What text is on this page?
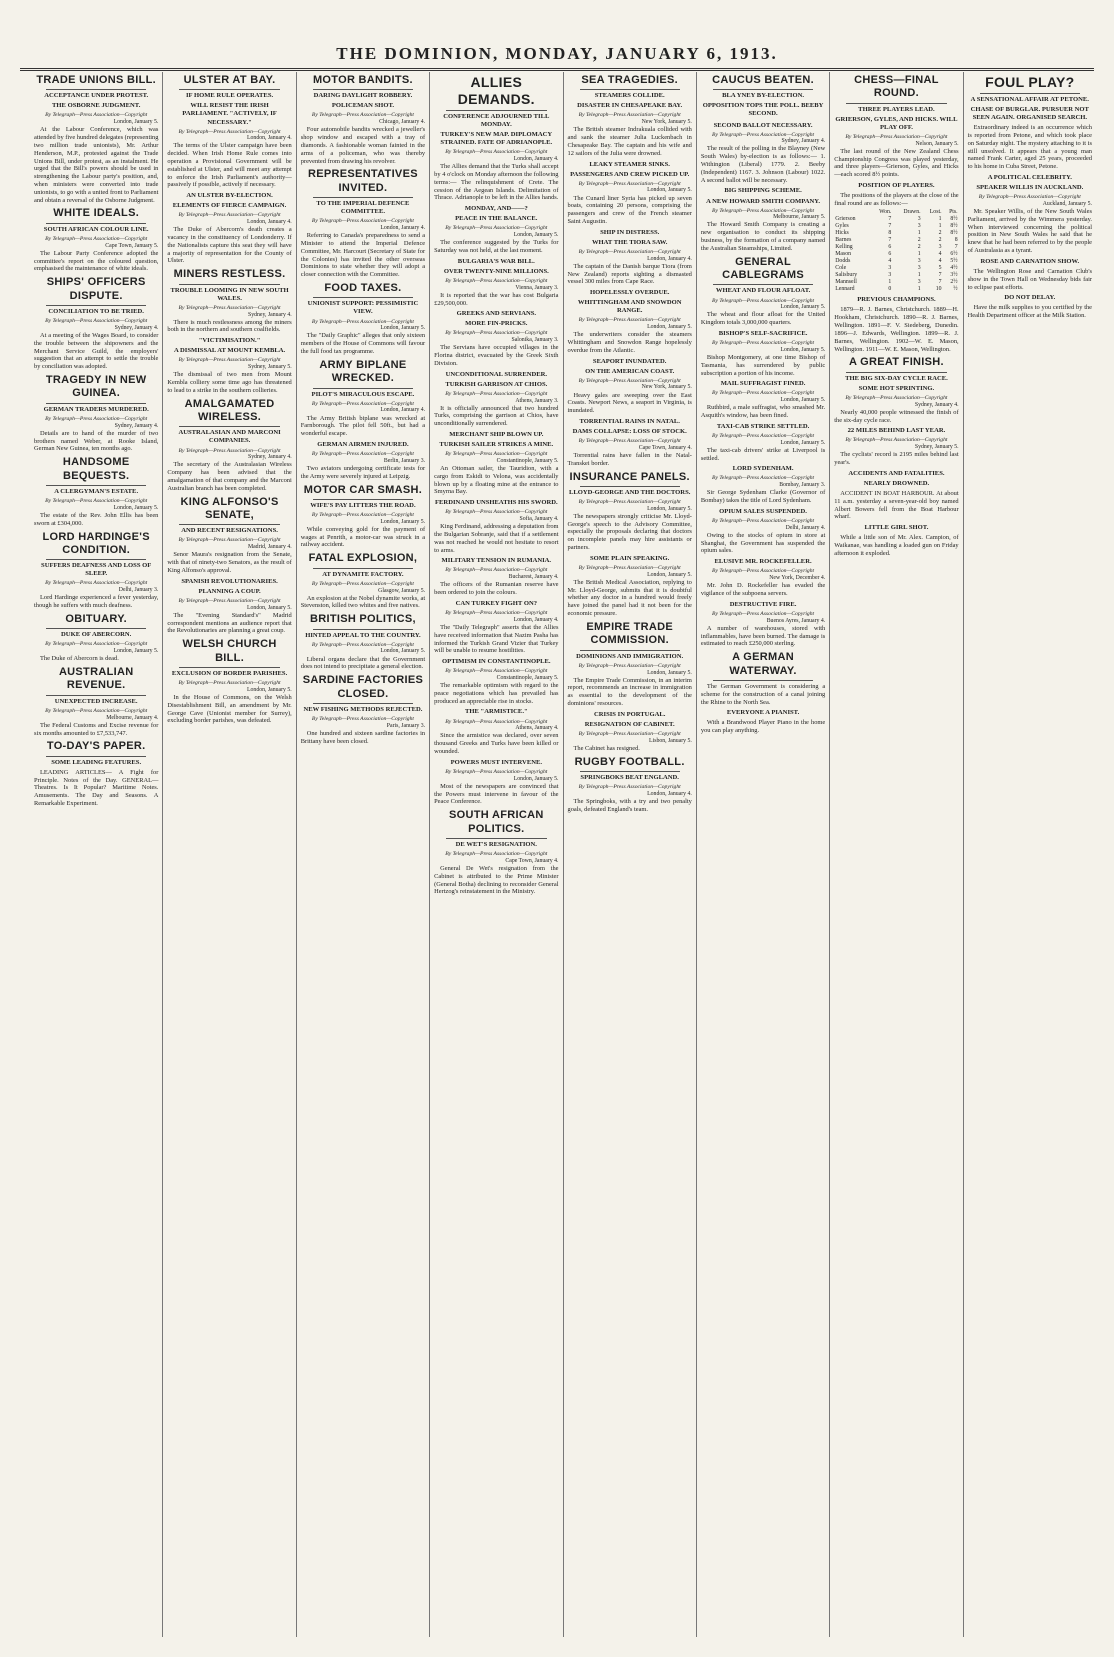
THE DOMINION, MONDAY, JANUARY 6, 1913.
TRADE UNIONS BILL.
ACCEPTANCE UNDER PROTEST.
THE OSBORNE JUDGMENT.
By Telegraph—Press Association—Copyright
London, January 5.
At the Labour Conference, which was attended by five hundred delegates (representing two million trade unionists), Mr. Arthur Henderson, M.P., protested against the Trade Unions Bill, under protest, as an instalment. He urged that the Bill's powers should be used in strengthening the Labour party's position, and, when ministers were converted into trade unionists, to go with a united front to Parliament and obtain a reversal of the Osborne Judgment.
WHITE IDEALS.
SOUTH AFRICAN COLOUR LINE.
By Telegraph—Press Association—Copyright
Cape Town, January 5.
The Labour Party Conference adopted the committee's report on the coloured question, emphasised the maintenance of white ideals.
SHIPS' OFFICERS DISPUTE.
CONCILIATION TO BE TRIED.
By Telegraph—Press Association—Copyright
Sydney, January 4.
At a meeting of the Wages Board, to consider the trouble between the shipowners and the Merchant Service Guild, the employers' suggestion that an attempt to settle the trouble by conciliation was adopted.
TRAGEDY IN NEW GUINEA.
GERMAN TRADERS MURDERED.
By Telegraph—Press Association—Copyright
Sydney, January 4.
Details are to hand of the murder of two brothers named Weber, at Rooke Island, German New Guinea, ten months ago.
HANDSOME BEQUESTS.
A CLERGYMAN'S ESTATE.
By Telegraph—Press Association—Copyright
London, January 5.
The estate of the Rev. John Ellis has been sworn at £304,000.
LORD HARDINGE'S CONDITION.
SUFFERS DEAFNESS AND LOSS OF SLEEP.
By Telegraph—Press Association—Copyright
Delhi, January 3.
Lord Hardinge experienced a fever yesterday, though he suffers with much deafness.
OBITUARY.
DUKE OF ABERCORN.
By Telegraph—Press Association—Copyright
London, January 5.
The Duke of Abercorn is dead.
AUSTRALIAN REVENUE.
UNEXPECTED INCREASE.
By Telegraph—Press Association—Copyright
Melbourne, January 4.
The Federal Customs and Excise revenue for six months amounted to £7,533,747.
TO-DAY'S PAPER.
SOME LEADING FEATURES.
LEADING ARTICLES— A Fight for Principle. Notes of the Day. GENERAL— Theatres. Is It Popular? Maritime Notes. Amusements. The Day and Seasons. A Remarkable Experiment.
ULSTER AT BAY.
IF HOME RULE OPERATES.
WILL RESIST THE IRISH PARLIAMENT. "ACTIVELY, IF NECESSARY."
By Telegraph—Press Association—Copyright
London, January 4.
The terms of the Ulster campaign have been decided. When Irish Home Rule comes into operation a Provisional Government will be established at Ulster, and will meet any attempt to enforce the Irish Parliament's authority—passively if possible, actively if necessary.
AN ULSTER BY-ELECTION.
ELEMENTS OF FIERCE CAMPAIGN.
By Telegraph—Press Association—Copyright
London, January 4.
The Duke of Abercorn's death creates a vacancy in the constituency of Londonderry. If the Nationalists capture this seat they will have a majority of representation for the County of Ulster.
MINERS RESTLESS.
TROUBLE LOOMING IN NEW SOUTH WALES.
By Telegraph—Press Association—Copyright
Sydney, January 4.
There is much restlessness among the miners both in the northern and southern coalfields.
"VICTIMISATION."
A DISMISSAL AT MOUNT KEMBLA.
By Telegraph—Press Association—Copyright
Sydney, January 5.
The dismissal of two men from Mount Kembla colliery some time ago has threatened to lead to a strike in the southern collieries.
AMALGAMATED WIRELESS.
AUSTRALASIAN AND MARCONI COMPANIES.
By Telegraph—Press Association—Copyright
Sydney, January 4.
The secretary of the Australasian Wireless Company has been advised that the amalgamation of that company and the Marconi Australian branch has been completed.
KING ALFONSO'S SENATE,
AND RECENT RESIGNATIONS.
By Telegraph—Press Association—Copyright
Madrid, January 4.
Senor Maura's resignation from the Senate, with that of ninety-two Senators, as the result of King Alfonso's approval.
SPANISH REVOLUTIONARIES.
PLANNING A COUP.
By Telegraph—Press Association—Copyright
London, January 5.
The "Evening Standard's" Madrid correspondent mentions an audience report that the Revolutionaries are planning a great coup.
WELSH CHURCH BILL.
EXCLUSION OF BORDER PARISHES.
By Telegraph—Press Association—Copyright
London, January 5.
In the House of Commons, on the Welsh Disestablishment Bill, an amendment by Mr. George Cave (Unionist member for Surrey), excluding border parishes, was defeated.
MOTOR BANDITS.
DARING DAYLIGHT ROBBERY.
POLICEMAN SHOT.
By Telegraph—Press Association—Copyright
Chicago, January 4.
Four automobile bandits wrecked a jeweller's shop window and escaped with a tray of diamonds. A fashionable woman fainted in the arms of a policeman, who was thereby prevented from drawing his revolver.
REPRESENTATIVES INVITED.
TO THE IMPERIAL DEFENCE COMMITTEE.
By Telegraph—Press Association—Copyright
London, January 4.
Referring to Canada's preparedness to send a Minister to attend the Imperial Defence Committee, Mr. Harcourt (Secretary of State for the Colonies) has invited the other overseas Dominions to state whether they will adopt a closer connection with the Committee.
FOOD TAXES.
UNIONIST SUPPORT: PESSIMISTIC VIEW.
By Telegraph—Press Association—Copyright
London, January 5.
The "Daily Graphic" alleges that only sixteen members of the House of Commons will favour the full food tax programme.
ARMY BIPLANE WRECKED.
PILOT'S MIRACULOUS ESCAPE.
By Telegraph—Press Association—Copyright
London, January 4.
The Army British biplane was wrecked at Farnborough. The pilot fell 50ft., but had a wonderful escape.
GERMAN AIRMEN INJURED.
By Telegraph—Press Association—Copyright
Berlin, January 3.
Two aviators undergoing certificate tests for the Army were severely injured at Leipzig.
MOTOR CAR SMASH.
WIFE'S PAY LITTERS THE ROAD.
By Telegraph—Press Association—Copyright
London, January 5.
While conveying gold for the payment of wages at Penrith, a motor-car was struck in a railway accident.
FATAL EXPLOSION,
AT DYNAMITE FACTORY.
By Telegraph—Press Association—Copyright
Glasgow, January 5.
An explosion at the Nobel dynamite works, at Stevenston, killed two whites and five natives.
BRITISH POLITICS,
HINTED APPEAL TO THE COUNTRY.
By Telegraph—Press Association—Copyright
London, January 5.
Liberal organs declare that the Government does not intend to precipitate a general election.
SARDINE FACTORIES CLOSED.
NEW FISHING METHODS REJECTED.
By Telegraph—Press Association—Copyright
Paris, January 3.
One hundred and sixteen sardine factories in Brittany have been closed.
ALLIES DEMANDS.
CONFERENCE ADJOURNED TILL MONDAY.
TURKEY'S NEW MAP. DIPLOMACY STRAINED. FATE OF ADRIANOPLE.
By Telegraph—Press Association—Copyright
London, January 4.
The Allies demand that the Turks shall accept by 4 o'clock on Monday afternoon the following terms:— The relinquishment of Crete. The cession of the Aegean Islands. Delimitation of Thrace. Adrianople to be left in the Allies hands.
MONDAY, AND——?
PEACE IN THE BALANCE.
By Telegraph—Press Association—Copyright
London, January 5.
The conference suggested by the Turks for Saturday was not held, at the last moment.
BULGARIA'S WAR BILL.
OVER TWENTY-NINE MILLIONS.
By Telegraph—Press Association—Copyright
Vienna, January 3.
It is reported that the war has cost Bulgaria £29,500,000.
GREEKS AND SERVIANS.
MORE FIN-PRICKS.
By Telegraph—Press Association—Copyright
Salonika, January 3.
The Servians have occupied villages in the Florina district, evacuated by the Greek Sixth Division.
UNCONDITIONAL SURRENDER.
TURKISH GARRISON AT CHIOS.
By Telegraph—Press Association—Copyright
Athens, January 3.
It is officially announced that two hundred Turks, comprising the garrison at Chios, have unconditionally surrendered.
MERCHANT SHIP BLOWN UP.
TURKISH SAILER STRIKES A MINE.
By Telegraph—Press Association—Copyright
Constantinople, January 5.
An Ottoman sailer, the Tauridion, with a cargo from Eskidi to Velona, was accidentally blown up by a floating mine at the entrance to Smyrna Bay.
FERDINAND UNSHEATHS HIS SWORD.
By Telegraph—Press Association—Copyright
Sofia, January 4.
King Ferdinand, addressing a deputation from the Bulgarian Sobranje, said that if a settlement was not reached he would not hesitate to resort to arms.
MILITARY TENSION IN RUMANIA.
By Telegraph—Press Association—Copyright
Bucharest, January 4.
The officers of the Rumanian reserve have been ordered to join the colours.
CAN TURKEY FIGHT ON?
By Telegraph—Press Association—Copyright
London, January 4.
The "Daily Telegraph" asserts that the Allies have received information that Nazim Pasha has informed the Turkish Grand Vizier that Turkey will be unable to resume hostilities.
OPTIMISM IN CONSTANTINOPLE.
By Telegraph—Press Association—Copyright
Constantinople, January 5.
The remarkable optimism with regard to the peace negotiations which has prevailed has produced an appreciable rise in stocks.
THE "ARMISTICE."
By Telegraph—Press Association—Copyright
Athens, January 4.
Since the armistice was declared, over seven thousand Greeks and Turks have been killed or wounded.
POWERS MUST INTERVENE.
By Telegraph—Press Association—Copyright
London, January 5.
Most of the newspapers are convinced that the Powers must intervene in favour of the Peace Conference.
SOUTH AFRICAN POLITICS.
DE WET'S RESIGNATION.
By Telegraph—Press Association—Copyright
Cape Town, January 4.
General De Wet's resignation from the Cabinet is attributed to the Prime Minister (General Botha) declining to reconsider General Hertzog's reinstatement in the Ministry.
SEA TRAGEDIES.
STEAMERS COLLIDE.
DISASTER IN CHESAPEAKE BAY.
By Telegraph—Press Association—Copyright
New York, January 5.
The British steamer Indrakuala collided with and sank the steamer Julia Luckenbach in Chesapeake Bay. The captain and his wife and 12 sailors of the Julia were drowned.
LEAKY STEAMER SINKS.
PASSENGERS AND CREW PICKED UP.
By Telegraph—Press Association—Copyright
London, January 5.
The Cunard liner Syria has picked up seven boats, containing 20 persons, comprising the passengers and crew of the French steamer Saint Augustin.
SHIP IN DISTRESS.
WHAT THE TIORA SAW.
By Telegraph—Press Association—Copyright
London, January 4.
The captain of the Danish barque Tiora (from New Zealand) reports sighting a dismasted vessel 300 miles from Cape Race.
HOPELESSLY OVERDUE.
WHITTINGHAM AND SNOWDON RANGE.
By Telegraph—Press Association—Copyright
London, January 5.
The underwriters consider the steamers Whittingham and Snowdon Range hopelessly overdue from the Atlantic.
SEAPORT INUNDATED.
ON THE AMERICAN COAST.
By Telegraph—Press Association—Copyright
New York, January 5.
Heavy gales are sweeping over the East Coasts. Newport News, a seaport in Virginia, is inundated.
TORRENTIAL RAINS IN NATAL.
DAMS COLLAPSE: LOSS OF STOCK.
By Telegraph—Press Association—Copyright
Cape Town, January 4.
Torrential rains have fallen in the Natal-Transkei border.
INSURANCE PANELS.
LLOYD-GEORGE AND THE DOCTORS.
By Telegraph—Press Association—Copyright
London, January 5.
The newspapers strongly criticise Mr. Lloyd-George's speech to the Advisory Committee, especially the proposals declaring that doctors on incomplete panels may hire assistants or partners.
SOME PLAIN SPEAKING.
By Telegraph—Press Association—Copyright
London, January 5.
The British Medical Association, replying to Mr. Lloyd-George, submits that it is doubtful whether any doctor in a hundred would freely have joined the panel had it not been for the economic pressure.
EMPIRE TRADE COMMISSION.
DOMINIONS AND IMMIGRATION.
By Telegraph—Press Association—Copyright
London, January 5.
The Empire Trade Commission, in an interim report, recommends an increase in immigration as essential to the development of the dominions' resources.
CRISIS IN PORTUGAL.
RESIGNATION OF CABINET.
By Telegraph—Press Association—Copyright
Lisbon, January 5.
The Cabinet has resigned.
RUGBY FOOTBALL.
SPRINGBOKS BEAT ENGLAND.
By Telegraph—Press Association—Copyright
London, January 4.
The Springboks, with a try and two penalty goals, defeated England's team.
CAUCUS BEATEN.
BLA YNEY BY-ELECTION.
OPPOSITION TOPS THE POLL. BEEBY SECOND.
SECOND BALLOT NECESSARY.
By Telegraph—Press Association—Copyright
Sydney, January 4.
The result of the polling in the Blayney (New South Wales) by-election is as follows:— 1. Withington (Liberal) 1779. 2. Beeby (Independent) 1167. 3. Johnson (Labour) 1022. A second ballot will be necessary.
BIG SHIPPING SCHEME.
A NEW HOWARD SMITH COMPANY.
By Telegraph—Press Association—Copyright
Melbourne, January 5.
The Howard Smith Company is creating a new organisation to conduct its shipping business, by the formation of a company named the Australian Steamships, Limited.
GENERAL CABLEGRAMS
WHEAT AND FLOUR AFLOAT.
By Telegraph—Press Association—Copyright
London, January 5.
The wheat and flour afloat for the United Kingdom totals 3,000,000 quarters.
BISHOP'S SELF-SACRIFICE.
By Telegraph—Press Association—Copyright
London, January 5.
Bishop Montgomery, at one time Bishop of Tasmania, has surrendered by public subscription a portion of his income.
MAIL SUFFRAGIST FINED.
By Telegraph—Press Association—Copyright
London, January 5.
Ruthbird, a male suffragist, who smashed Mr. Asquith's window, has been fined.
TAXI-CAB STRIKE SETTLED.
By Telegraph—Press Association—Copyright
London, January 5.
The taxi-cab drivers' strike at Liverpool is settled.
LORD SYDENHAM.
By Telegraph—Press Association—Copyright
Bombay, January 3.
Sir George Sydenham Clarke (Governor of Bombay) takes the title of Lord Sydenham.
OPIUM SALES SUSPENDED.
By Telegraph—Press Association—Copyright
Delhi, January 4.
Owing to the stocks of opium in store at Shanghai, the Government has suspended the opium sales.
ELUSIVE MR. ROCKEFELLER.
By Telegraph—Press Association—Copyright
New York, December 4.
Mr. John D. Rockefeller has evaded the vigilance of the subpoena servers.
DESTRUCTIVE FIRE.
By Telegraph—Press Association—Copyright
Buenos Ayres, January 4.
A number of warehouses, stored with inflammables, have been burned. The damage is estimated to reach £250,000 sterling.
A GERMAN WATERWAY.
The German Government is considering a scheme for the construction of a canal joining the Rhine to the North Sea.
EVERYONE A PIANIST.
With a Brandwood Player Piano in the home you can play anything.
CHESS—FINAL ROUND.
THREE PLAYERS LEAD.
GRIERSON, GYLES, AND HICKS. WILL PLAY OFF.
By Telegraph—Press Association—Copyright
Nelson, January 5.
The last round of the New Zealand Chess Championship Congress was played yesterday, and three players—Grierson, Gyles, and Hicks—each scored 8½ points.
POSITION OF PLAYERS.
The positions of the players at the close of the final round are as follows:—
	Won.	Drawn.	Lost.	Pts.
Grierson	7	3	1	8½
Gyles	7	3	1	8½
Hicks	8	1	2	8½
Barnes	7	2	2	8
Kelling	6	2	3	7
Mason	6	1	4	6½
Dodds	4	3	4	5½
Cole	3	3	5	4½
Salisbury	3	1	7	3½
Mannsell	1	3	7	2½
Lennard	0	1	10	½
PREVIOUS CHAMPIONS.
1879—R. J. Barnes, Christchurch. 1889—H. Hookham, Christchurch. 1890—R. J. Barnes, Wellington. 1891—F. V. Siedeberg, Dunedin. 1896—J. Edwards, Wellington. 1899—R. J. Barnes, Wellington. 1902—W. E. Mason, Wellington. 1911—W. E. Mason, Wellington.
A GREAT FINISH.
THE BIG SIX-DAY CYCLE RACE.
SOME HOT SPRINTING.
By Telegraph—Press Association—Copyright
Sydney, January 4.
Nearly 40,000 people witnessed the finish of the six-day cycle race.
22 MILES BEHIND LAST YEAR.
By Telegraph—Press Association—Copyright
Sydney, January 5.
The cyclists' record is 2195 miles behind last year's.
ACCIDENTS AND FATALITIES.
NEARLY DROWNED.
ACCIDENT IN BOAT HARBOUR. At about 11 a.m. yesterday a seven-year-old boy named Albert Bowers fell from the Boat Harbour wharf.
LITTLE GIRL SHOT.
While a little son of Mr. Alex. Campion, of Waikanae, was handling a loaded gun on Friday afternoon it exploded.
FOUL PLAY?
A SENSATIONAL AFFAIR AT PETONE.
CHASE OF BURGLAR. PURSUER NOT SEEN AGAIN. ORGANISED SEARCH.
Extraordinary indeed is an occurrence which is reported from Petone, and which took place on Saturday night. The mystery attaching to it is still unsolved. It appears that a young man named Frank Carter, aged 25 years, proceeded to his home in Cuba Street, Petone.
A POLITICAL CELEBRITY.
SPEAKER WILLIS IN AUCKLAND.
By Telegraph—Press Association—Copyright
Auckland, January 5.
Mr. Speaker Willis, of the New South Wales Parliament, arrived by the Wimmera yesterday. When interviewed concerning the political position in New South Wales he said that he knew that he had been referred to by the people of Australasia as a tyrant.
ROSE AND CARNATION SHOW.
The Wellington Rose and Carnation Club's show in the Town Hall on Wednesday bids fair to eclipse past efforts.
DO NOT DELAY.
Have the milk supplies to you certified by the Health Department officer at the Milk Station.
